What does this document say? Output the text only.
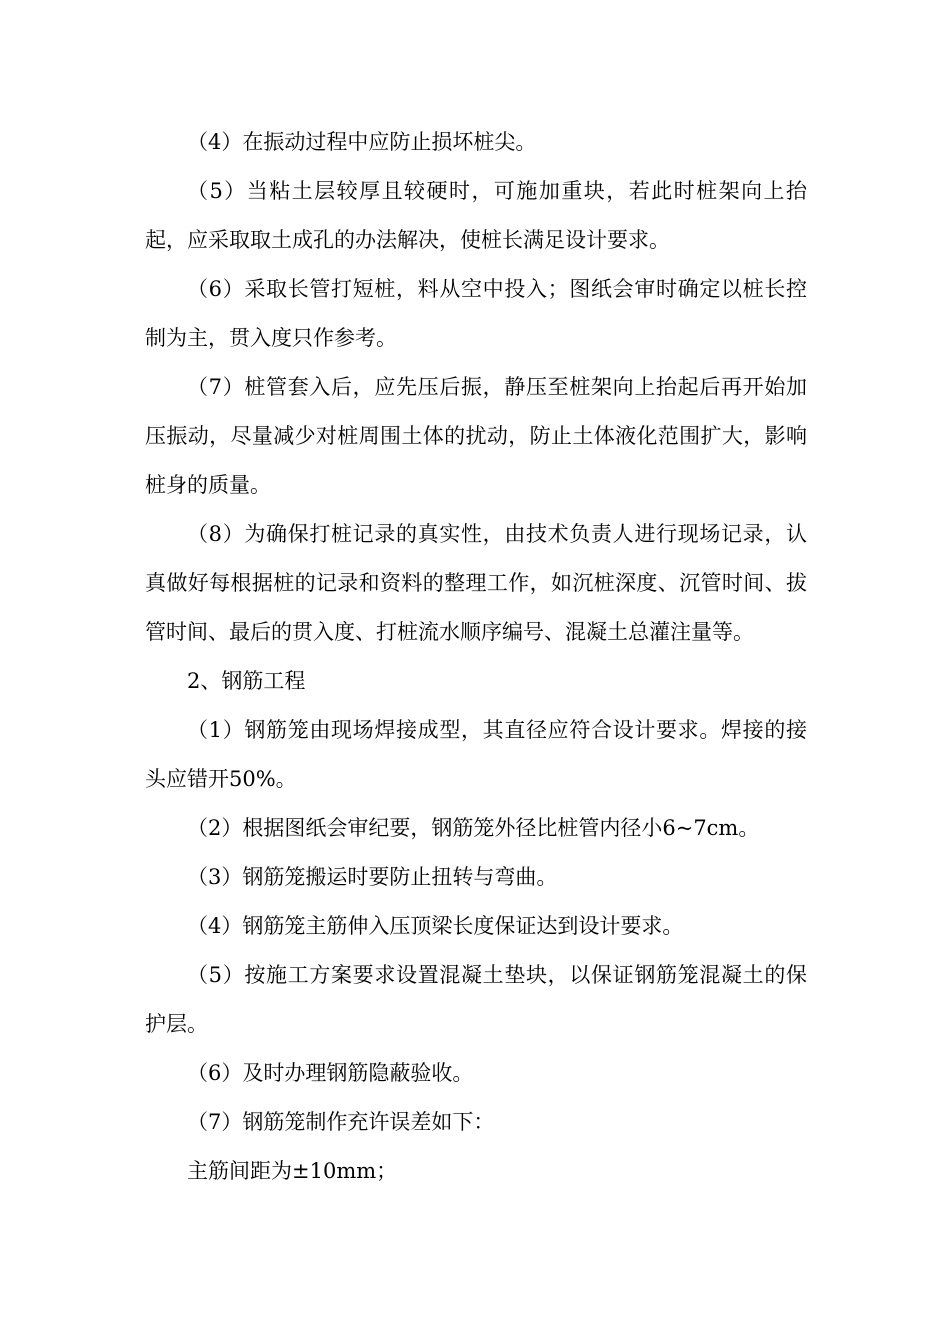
（4）在振动过程中应防止损坏桩尖。

（5）当粘土层较厚且较硬时，可施加重块，若此时桩架向上抬起，应采取取土成孔的办法解决，使桩长满足设计要求。

（6）采取长管打短桩，料从空中投入；图纸会审时确定以桩长控制为主，贯入度只作参考。

（7）桩管套入后，应先压后振，静压至桩架向上抬起后再开始加压振动，尽量减少对桩周围土体的扰动，防止土体液化范围扩大，影响桩身的质量。

（8）为确保打桩记录的真实性，由技术负责人进行现场记录，认真做好每根据桩的记录和资料的整理工作，如沉桩深度、沉管时间、拔管时间、最后的贯入度、打桩流水顺序编号、混凝土总灌注量等。

2、钢筋工程

（1）钢筋笼由现场焊接成型，其直径应符合设计要求。焊接的接头应错开50%。

（2）根据图纸会审纪要，钢筋笼外径比桩管内径小6~7cm。

（3）钢筋笼搬运时要防止扭转与弯曲。

（4）钢筋笼主筋伸入压顶梁长度保证达到设计要求。

（5）按施工方案要求设置混凝土垫块，以保证钢筋笼混凝土的保护层。

（6）及时办理钢筋隐蔽验收。

（7）钢筋笼制作充许误差如下：

主筋间距为±10mm；
